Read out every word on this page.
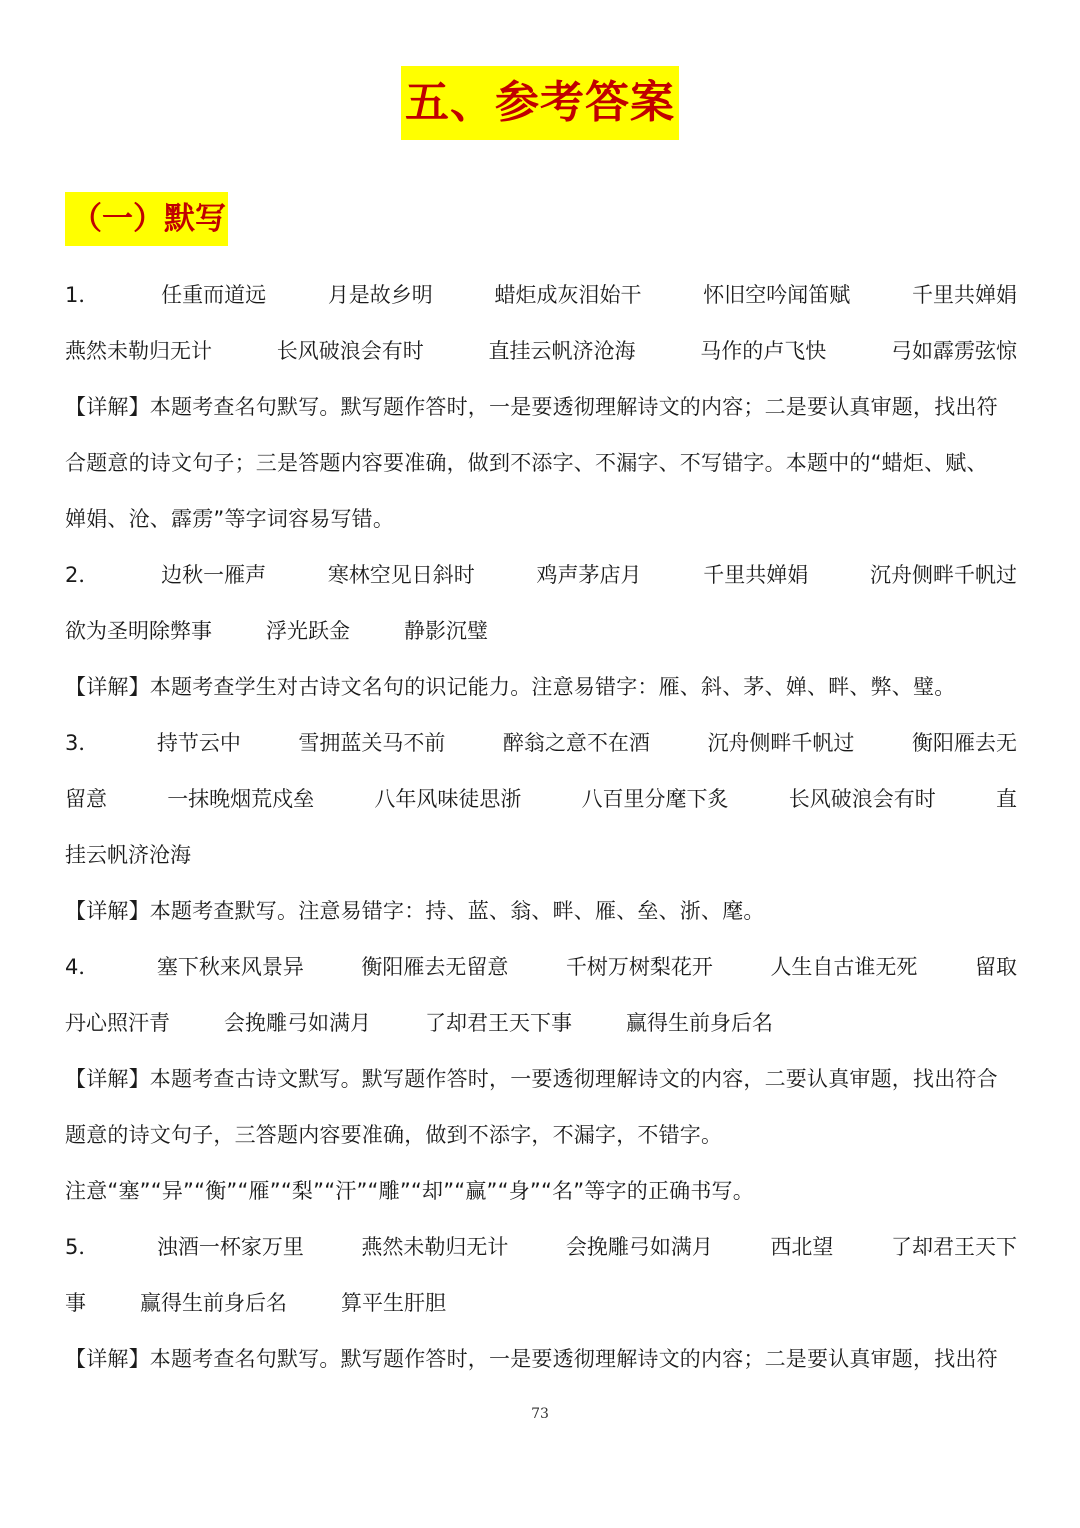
五、参考答案
（一）默写
1．	任重而道远	月是故乡明	蜡炬成灰泪始干	怀旧空吟闻笛赋	千里共婵娟
燕然未勒归无计	长风破浪会有时	直挂云帆济沧海	马作的卢飞快	弓如霹雳弦惊
【详解】本题考查名句默写。默写题作答时，一是要透彻理解诗文的内容；二是要认真审题，找出符
合题意的诗文句子；三是答题内容要准确，做到不添字、不漏字、不写错字。本题中的“蜡炬、赋、
婵娟、沧、霹雳”等字词容易写错。
2．	边秋一雁声	寒林空见日斜时	鸡声茅店月	千里共婵娟	沉舟侧畔千帆过
欲为圣明除弊事	浮光跃金	静影沉璧
【详解】本题考查学生对古诗文名句的识记能力。注意易错字：雁、斜、茅、婵、畔、弊、璧。
3．	持节云中	雪拥蓝关马不前	醉翁之意不在酒	沉舟侧畔千帆过	衡阳雁去无
留意	一抹晚烟荒戍垒	八年风味徒思浙	八百里分麾下炙	长风破浪会有时	直
挂云帆济沧海
【详解】本题考查默写。注意易错字：持、蓝、翁、畔、雁、垒、浙、麾。
4．	塞下秋来风景异	衡阳雁去无留意	千树万树梨花开	人生自古谁无死	留取
丹心照汗青	会挽雕弓如满月	了却君王天下事	赢得生前身后名
【详解】本题考查古诗文默写。默写题作答时，一要透彻理解诗文的内容，二要认真审题，找出符合
题意的诗文句子，三答题内容要准确，做到不添字，不漏字，不错字。
注意“塞”“异”“衡”“雁”“梨”“汗”“雕”“却”“赢”“身”“名”等字的正确书写。
5．	浊酒一杯家万里	燕然未勒归无计	会挽雕弓如满月	西北望	了却君王天下
事	赢得生前身后名	算平生肝胆
【详解】本题考查名句默写。默写题作答时，一是要透彻理解诗文的内容；二是要认真审题，找出符
73
